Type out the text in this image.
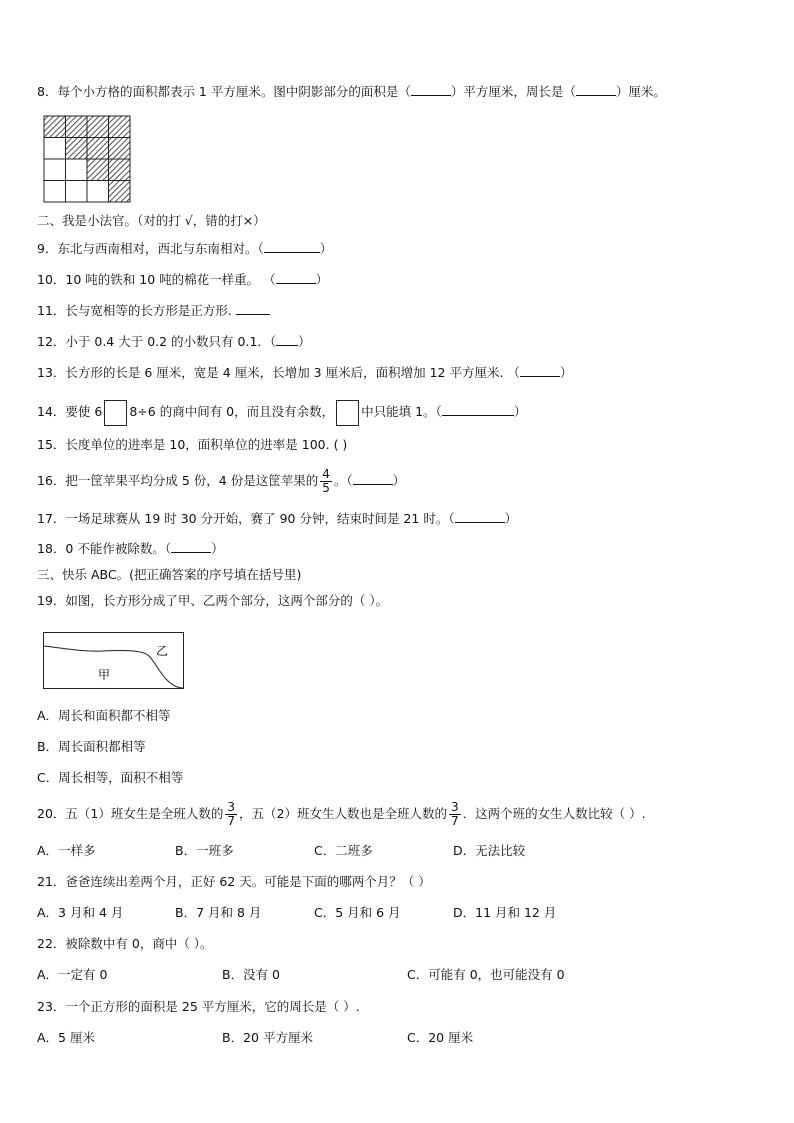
8．每个小方格的面积都表示 1 平方厘米。图中阴影部分的面积是（	）平方厘米，周长是（	）厘米。
二、我是小法官。（对的打 √，错的打×）
9．东北与西南相对，西北与东南相对。（	）
10．10 吨的铁和 10 吨的棉花一样重。 （	）
11．长与宽相等的长方形是正方形.
12．小于 0.4 大于 0.2 的小数只有 0.1．（ ）
13．长方形的长是 6 厘米，宽是 4 厘米，长增加 3 厘米后，面积增加 12 平方厘米. （	）
14．要使 6 8÷6 的商中间有 0，而且没有余数， 中只能填 1。（	）
15．长度单位的进率是 10，面积单位的进率是 100. ( )
16．把一筐苹果平均分成 5 份，4 份是这筐苹果的 $\frac{4}{5}$ 。（	）
17．一场足球赛从 19 时 30 分开始，赛了 90 分钟，结束时间是 21 时。（	）
18．0 不能作被除数。（	）
三、快乐 ABC。(把正确答案的序号填在括号里)
19．如图，长方形分成了甲、乙两个部分，这两个部分的（ ）。
甲
乙
A．周长和面积都不相等
B．周长面积都相等
C．周长相等，面积不相等
20．五（1）班女生是全班人数的 $\frac{3}{7}$ ，五（2）班女生人数也是全班人数的 $\frac{3}{7}$ ．这两个班的女生人数比较（ ）.
A．一样多	B．一班多	C．二班多	D．无法比较
21．爸爸连续出差两个月，正好 62 天。可能是下面的哪两个月？（ ）
A．3 月和 4 月	B．7 月和 8 月	C．5 月和 6 月	D．11 月和 12 月
22．被除数中有 0，商中（ ）。
A．一定有 0	B．没有 0	C．可能有 0，也可能没有 0
23．一个正方形的面积是 25 平方厘米，它的周长是（ ）.
A．5 厘米	B．20 平方厘米	C．20 厘米
